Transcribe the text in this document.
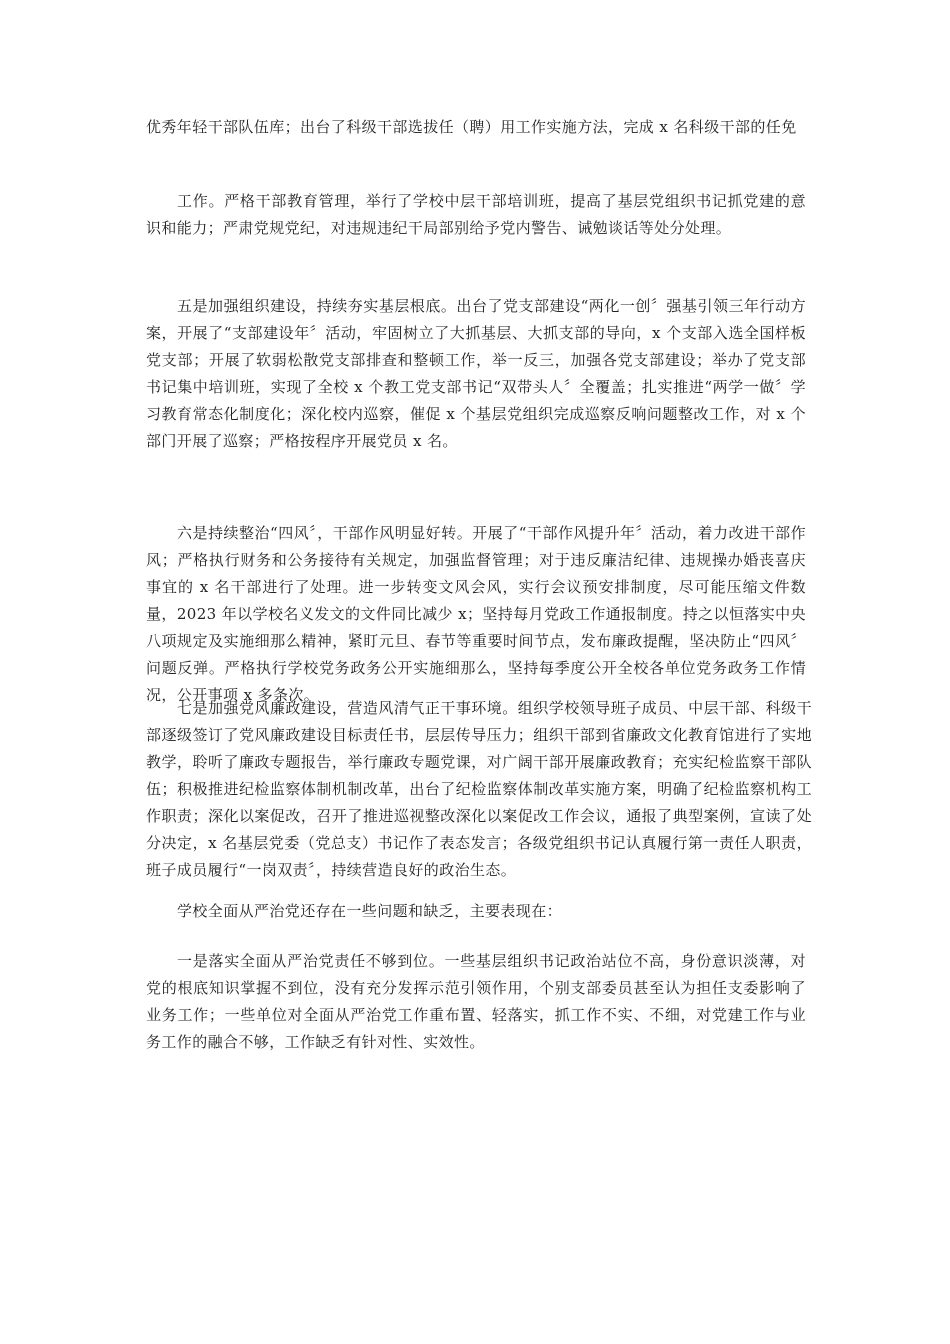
优秀年轻干部队伍库；出台了科级干部选拔任（聘）用工作实施方法，完成 x 名科级干部的任免

工作。严格干部教育管理，举行了学校中层干部培训班，提高了基层党组织书记抓党建的意识和能力；严肃党规党纪，对违规违纪干局部别给予党内警告、诫勉谈话等处分处理。

五是加强组织建设，持续夯实基层根底。出台了党支部建设“两化一创〞强基引领三年行动方案，开展了“支部建设年〞活动，牢固树立了大抓基层、大抓支部的导向，x 个支部入选全国样板党支部；开展了软弱松散党支部排查和整顿工作，举一反三，加强各党支部建设；举办了党支部书记集中培训班，实现了全校 x 个教工党支部书记“双带头人〞全覆盖；扎实推进“两学一做〞学习教育常态化制度化；深化校内巡察，催促 x 个基层党组织完成巡察反响问题整改工作，对 x 个部门开展了巡察；严格按程序开展党员 x 名。

六是持续整治“四风〞，干部作风明显好转。开展了“干部作风提升年〞活动，着力改进干部作风；严格执行财务和公务接待有关规定，加强监督管理；对于违反廉洁纪律、违规操办婚丧喜庆事宜的 x 名干部进行了处理。进一步转变文风会风，实行会议预安排制度，尽可能压缩文件数量，2023 年以学校名义发文的文件同比减少 x；坚持每月党政工作通报制度。持之以恒落实中央八项规定及实施细那么精神，紧盯元旦、春节等重要时间节点，发布廉政提醒，坚决防止“四风〞问题反弹。严格执行学校党务政务公开实施细那么，坚持每季度公开全校各单位党务政务工作情况，公开事项 x 多条次。

七是加强党风廉政建设，营造风清气正干事环境。组织学校领导班子成员、中层干部、科级干部逐级签订了党风廉政建设目标责任书，层层传导压力；组织干部到省廉政文化教育馆进行了实地教学，聆听了廉政专题报告，举行廉政专题党课，对广阔干部开展廉政教育；充实纪检监察干部队伍；积极推进纪检监察体制机制改革，出台了纪检监察体制改革实施方案，明确了纪检监察机构工作职责；深化以案促改，召开了推进巡视整改深化以案促改工作会议，通报了典型案例，宣读了处分决定，x 名基层党委（党总支）书记作了表态发言；各级党组织书记认真履行第一责任人职责，班子成员履行“一岗双责〞，持续营造良好的政治生态。

学校全面从严治党还存在一些问题和缺乏，主要表现在：

一是落实全面从严治党责任不够到位。一些基层组织书记政治站位不高，身份意识淡薄，对党的根底知识掌握不到位，没有充分发挥示范引领作用，个别支部委员甚至认为担任支委影响了业务工作；一些单位对全面从严治党工作重布置、轻落实，抓工作不实、不细，对党建工作与业务工作的融合不够，工作缺乏有针对性、实效性。
